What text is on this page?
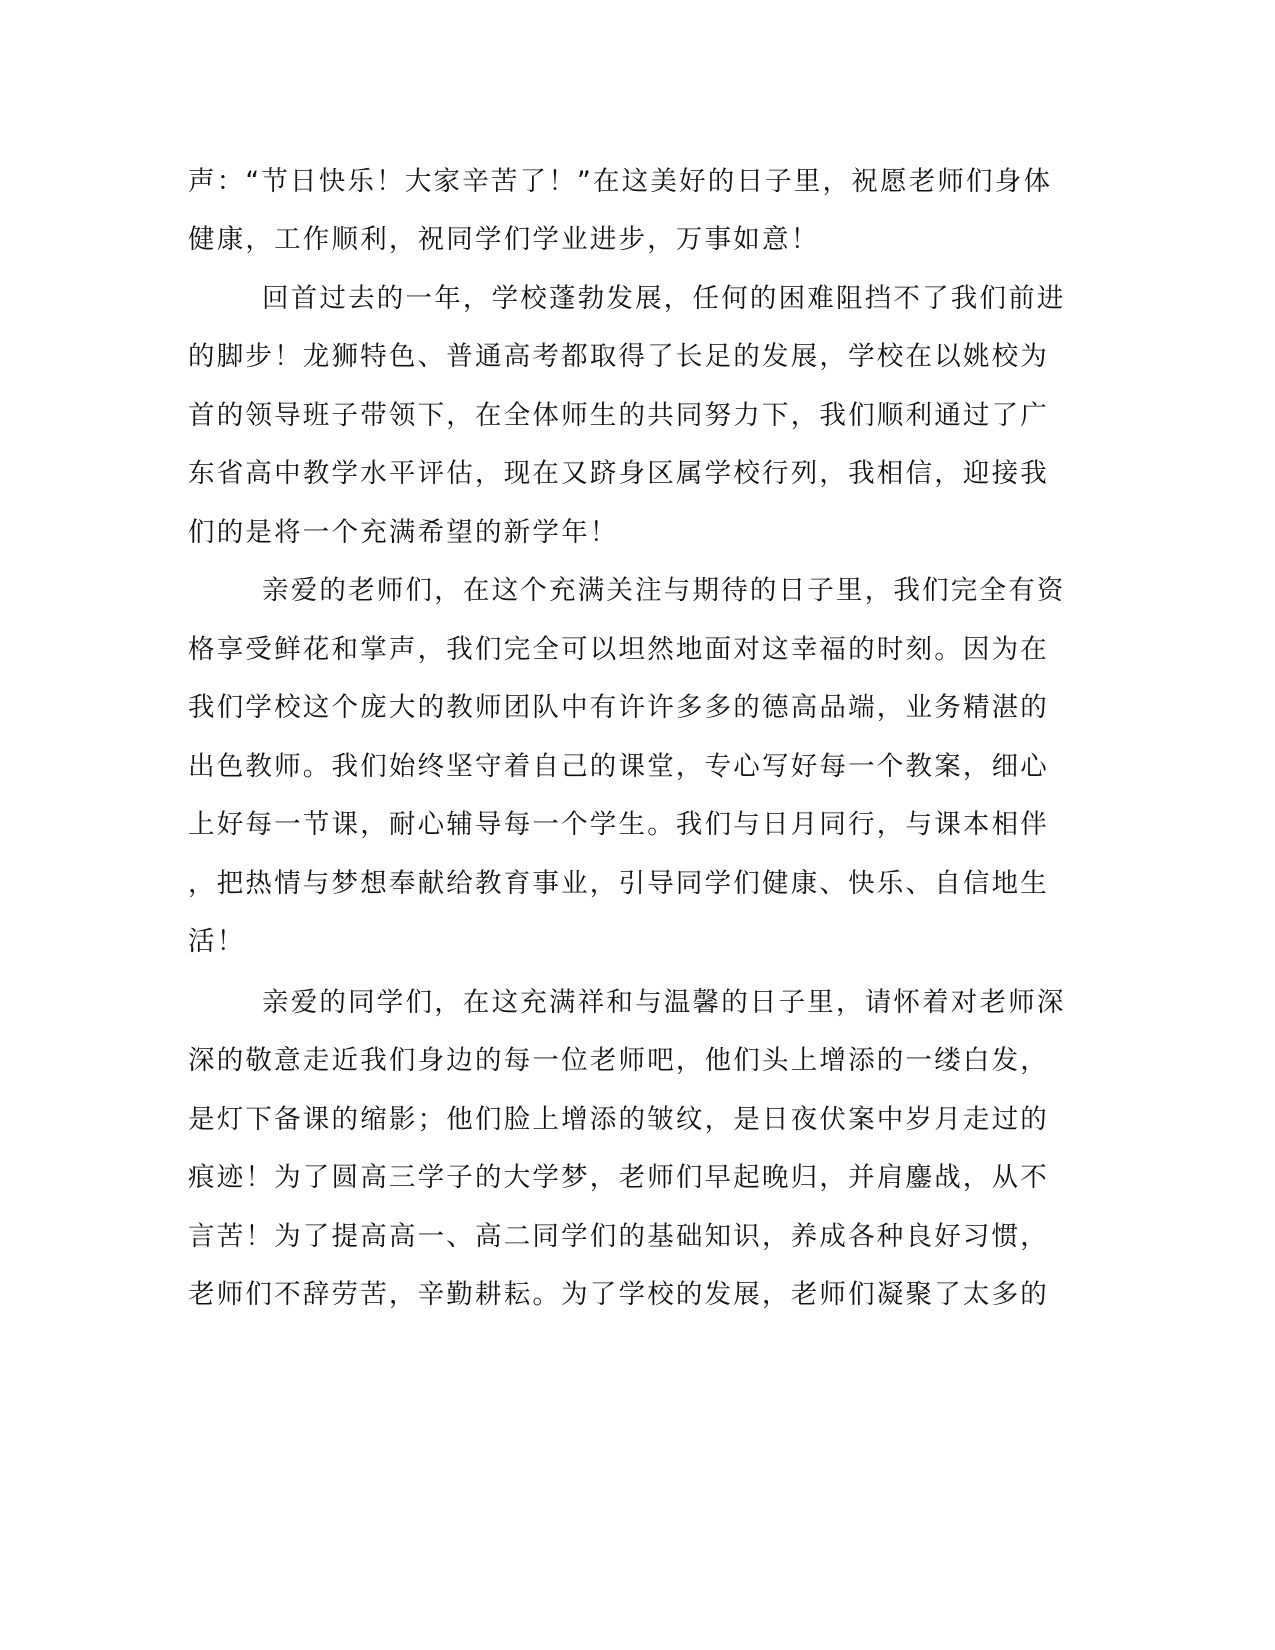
声：“节日快乐！大家辛苦了！”在这美好的日子里，祝愿老师们身体
健康，工作顺利，祝同学们学业进步，万事如意！
回首过去的一年，学校蓬勃发展，任何的困难阻挡不了我们前进
的脚步！龙狮特色、普通高考都取得了长足的发展，学校在以姚校为
首的领导班子带领下，在全体师生的共同努力下，我们顺利通过了广
东省高中教学水平评估，现在又跻身区属学校行列，我相信，迎接我
们的是将一个充满希望的新学年！
亲爱的老师们，在这个充满关注与期待的日子里，我们完全有资
格享受鲜花和掌声，我们完全可以坦然地面对这幸福的时刻。因为在
我们学校这个庞大的教师团队中有许许多多的德高品端，业务精湛的
出色教师。我们始终坚守着自己的课堂，专心写好每一个教案，细心
上好每一节课，耐心辅导每一个学生。我们与日月同行，与课本相伴
，把热情与梦想奉献给教育事业，引导同学们健康、快乐、自信地生
活！
亲爱的同学们，在这充满祥和与温馨的日子里，请怀着对老师深
深的敬意走近我们身边的每一位老师吧，他们头上增添的一缕白发，
是灯下备课的缩影；他们脸上增添的皱纹，是日夜伏案中岁月走过的
痕迹！为了圆高三学子的大学梦，老师们早起晚归，并肩鏖战，从不
言苦！为了提高高一、高二同学们的基础知识，养成各种良好习惯，
老师们不辞劳苦，辛勤耕耘。为了学校的发展，老师们凝聚了太多的
